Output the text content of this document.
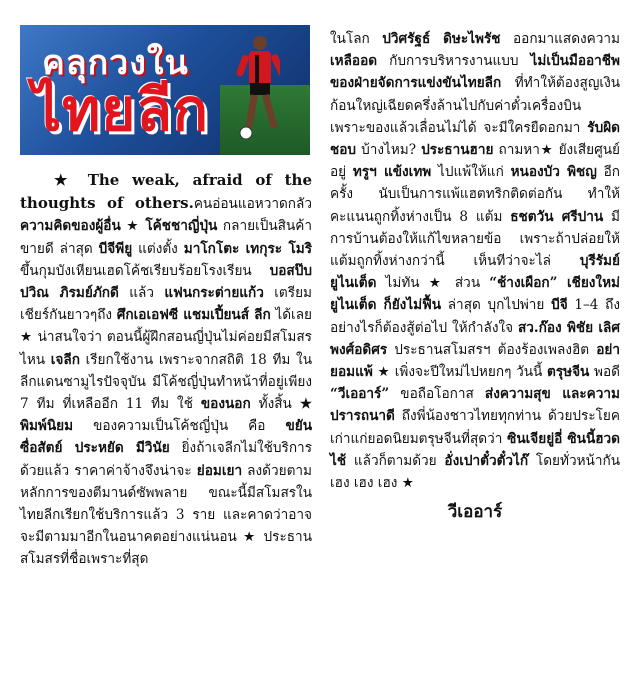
คลุกวงใน
ไทยลีก

★ The weak, afraid of the thoughts of others.คนอ่อนแอหวาดกลัวความคิดของผู้อื่น ★ โค้ชชาญี่ปุ่น กลายเป็นสินค้าขายดี ล่าสุด บีจีพียู แต่งตั้ง มาโกโตะ เทกุระ โมริ ขึ้นกุมบังเหียนเฮดโค้ชเรียบร้อยโรงเรียน บอสป๊บ ปวิณ ภิรมย์ภักดี แล้ว แฟนกระต่ายแก้ว เตรียมเชียร์กันยาวๆถึง ศึกเอเอฟซี แชมเปี้ยนส์ ลีก ได้เลย ★ น่าสนใจว่า ตอนนี้ผู้ฝึกสอนญี่ปุ่นไม่ค่อยมีสโมสรไหน เจลีก เรียกใช้งาน เพราะจากสถิติ 18 ทีม ในลีกแดนซามูไรปัจจุบัน มีโค้ชญี่ปุ่นทำหน้าที่อยู่เพียง 7 ทีม ที่เหลืออีก 11 ทีม ใช้ ของนอก ทั้งสิ้น ★ พิมพ์นิยม ของความเป็นโค้ชญี่ปุ่น คือ ขยัน ซื่อสัตย์ ประหยัด มีวินัย ยิ่งถ้าเจลีกไม่ใช้บริการด้วยแล้ว ราคาค่าจ้างจึงน่าจะ ย่อมเยา ลงด้วยตามหลักการของตีมานด์ซัพพลาย ขณะนี้มีสโมสรในไทยลีกเรียกใช้บริการแล้ว 3 ราย และคาดว่าอาจจะมีตามมาอีกในอนาคตอย่างแน่นอน ★ ประธานสโมสรที่ชื่อเพราะที่สุด

ในโลก ปวิศรัฐธ์ ดิษะไพรัช ออกมาแสดงความ เหลืออด กับการบริหารงานแบบ ไม่เป็นมืออาชีพ ของฝ่ายจัดการแข่งขันไทยลีก ที่ทำให้ต้องสูญเงินก้อนใหญ่เฉียดครึ่งล้านไปกับค่าตั๋วเครื่องบิน เพราะของแล้วเลื่อนไม่ได้ จะมีใครยืดอกมา รับผิดชอบ บ้างไหม? ประธานฮาย ถามหา★ ยังเสียศูนย์อยู่ ทรูฯ แข้งเทพ ไปแพ้ให้แก่ หนองบัว พิชญ อีกครั้ง นับเป็นการแพ้แฮตทริกติดต่อกัน ทำให้คะแนนถูกทิ้งห่างเป็น 8 แต้ม ธชตวัน ศรีปาน มีการบ้านต้องให้แก้ไขหลายข้อ เพราะถ้าปล่อยให้แต้มถูกทิ้งห่างกว่านี้ เห็นทีว่าจะไล่ บุรีรัมย์ ยูไนเต็ด ไม่ทัน ★ ส่วน “ช้างเผือก” เชียงใหม่ ยูไนเต็ด ก็ยังไม่ฟื้น ล่าสุด บุกไปพ่าย บีจี 1–4 ถึงอย่างไรก็ต้องสู้ต่อไป ให้กำลังใจ สว.ก๊อง พิชัย เลิศพงศ์อดิศร ประธานสโมสรฯ ต้องร้องเพลงฮิต อย่ายอมแพ้ ★ เพิ่งจะปีใหม่ไปหยกๆ วันนี้ ตรุษจีน พอดี “วีเออาร์” ขอถือโอกาส ส่งความสุข และความปรารถนาดี ถึงพี่น้องชาวไทยทุกท่าน ด้วยประโยคเก่าแก่ยอดนิยมตรุษจีนที่สุดว่า ซินเจียยู่อี่ ซินนี้ฮวดไช้ แล้วก็ตามด้วย อั่งเปาตั๋วตั๋วไก๊ โดยทั่วหน้ากัน เฮง เฮง เฮง ★

วีเออาร์
